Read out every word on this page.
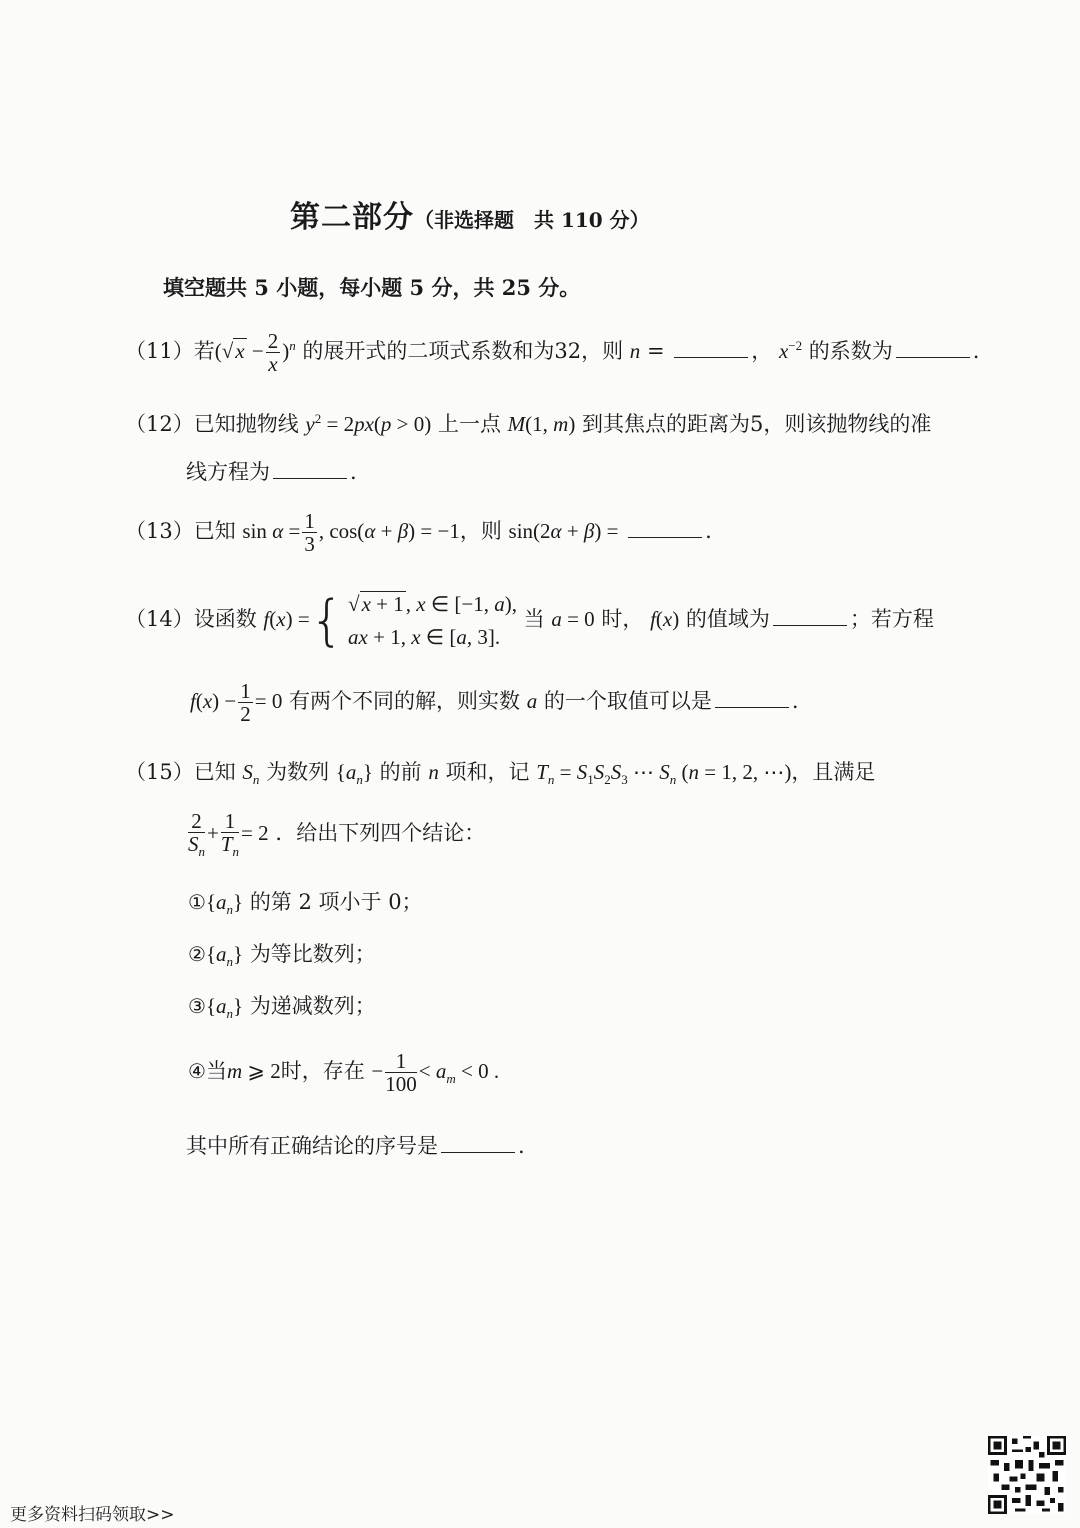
第二部分（非选择题　共 110 分）
填空题共 5 小题，每小题 5 分，共 25 分。
（11）若$(√x - \frac{2}{x} )^n$ 的展开式的二项式系数和为32，则 n =	， $x^{-2}$ 的系数为	.
（12）已知抛物线 $y^2 = 2px(p > 0)$ 上一点 M(1, m) 到其焦点的距离为5，则该抛物线的准
线方程为	.
（13）已知 $\sin \alpha = \frac{1}{3}$ , cos(α + β) = −1，则 sin(2α + β) =	.
（14）设函数 f(x) = { √x + 1, x ∈ [−1, a),
ax + 1, x ∈ [a, 3].
当 a = 0 时， f(x) 的值域为	；若方程
$f(x) - \frac{1}{2} = 0$ 有两个不同的解，则实数 a 的一个取值可以是	.
（15）已知 $S_n$ 为数列 $\{a_n\}$ 的前 n 项和，记 $T_n = S_1S_2S_3$ ⋯ $S_n$ (n = 1, 2, ⋯)，且满足
$\frac{2}{S_n} + \frac{1}{T_n} = 2$ ．给出下列四个结论：
$①\{a_n\}$ 的第 2 项小于 0；
$②\{a_n\}$ 为等比数列；
$③\{a_n\}$ 为递减数列；
④当m ⩾ 2时，存在 − $\frac{1}{100} < a_m < 0$ .
其中所有正确结论的序号是	.
更多资料扫码领取>>
